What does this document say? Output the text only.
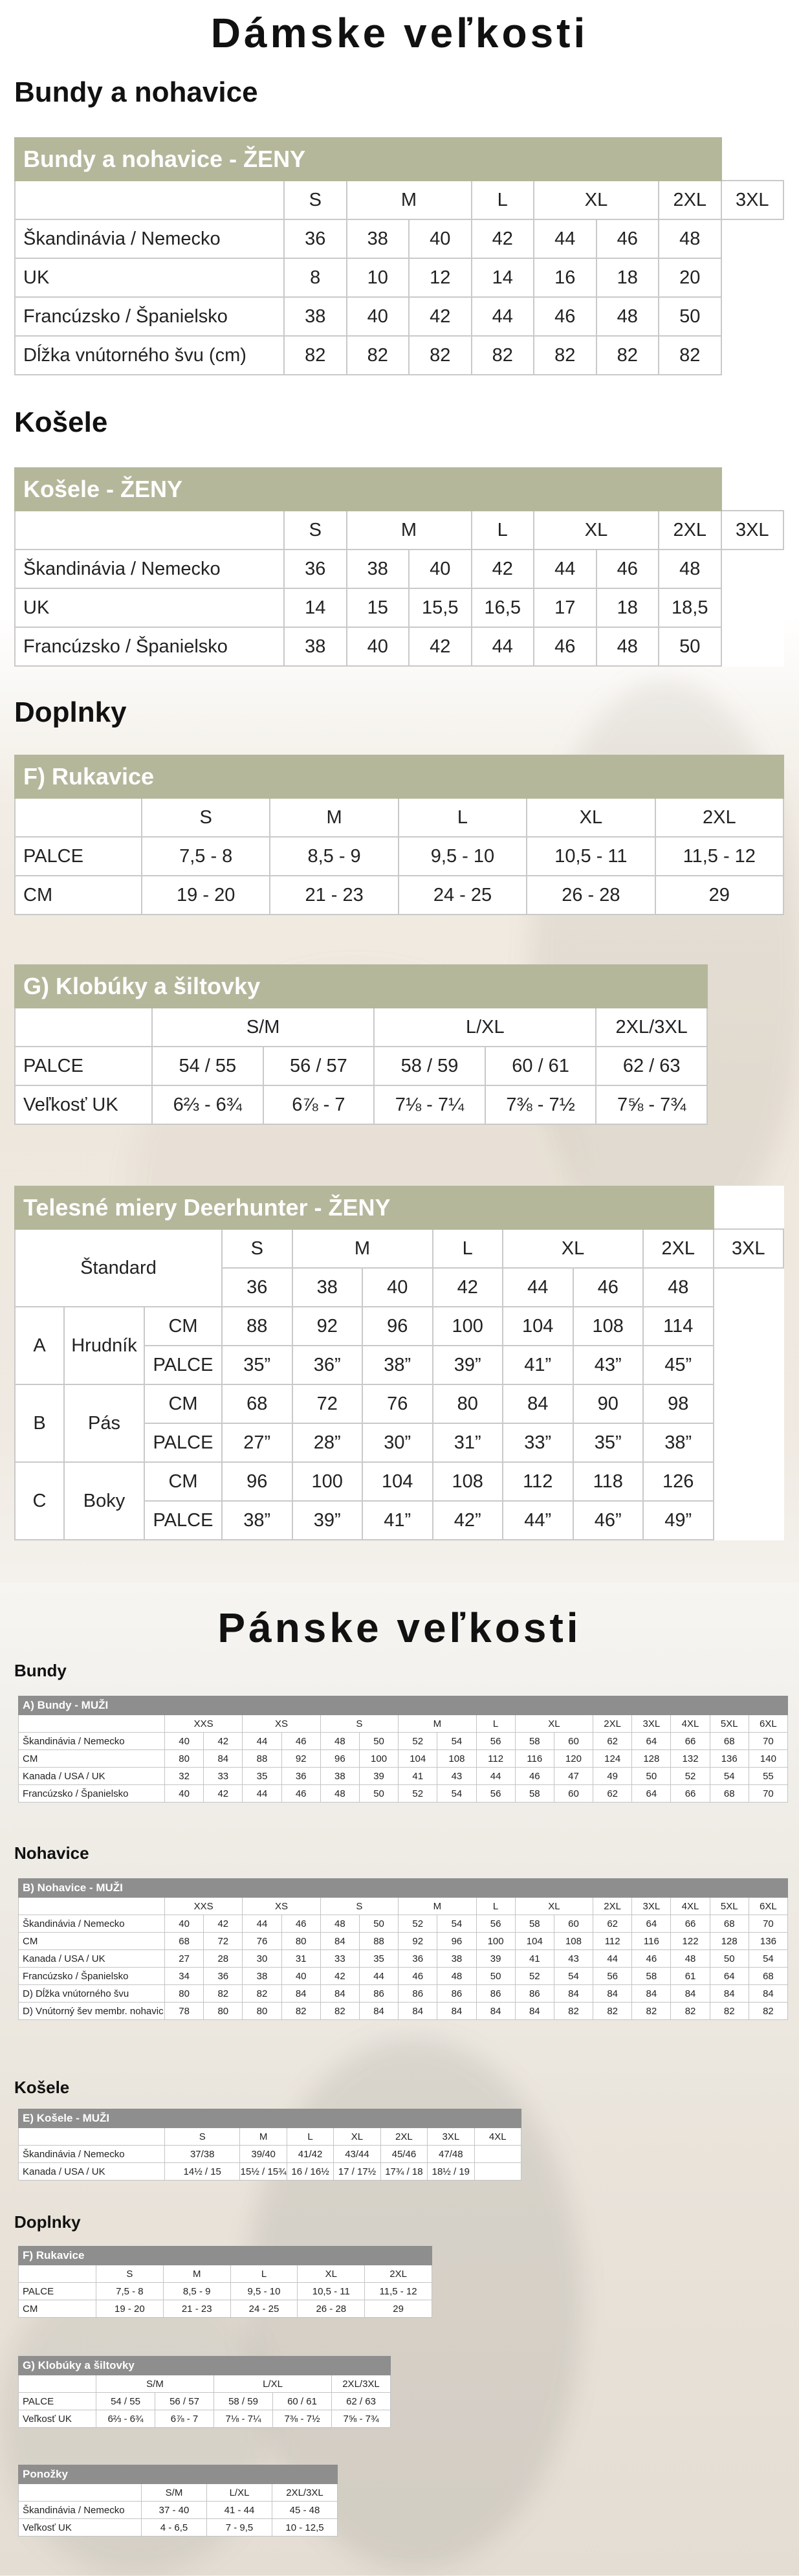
Dámske veľkosti
Bundy a nohavice
Bundy a nohavice - ŽENY								
	S	M		L	XL		2XL	3XL
Škandinávia / Nemecko	36	38	40	42	44	46	48	
UK	8	10	12	14	16	18	20	
Francúzsko / Španielsko	38	40	42	44	46	48	50	
Dĺžka vnútorného švu (cm)	82	82	82	82	82	82	82	
Košele
Košele - ŽENY								
	S	M		L	XL		2XL	3XL
Škandinávia / Nemecko	36	38	40	42	44	46	48	
UK	14	15	15,5	16,5	17	18	18,5	
Francúzsko / Španielsko	38	40	42	44	46	48	50	
Doplnky
F) Rukavice					
	S	M	L	XL	2XL
PALCE	7,5 - 8	8,5 - 9	9,5 - 10	10,5 - 11	11,5 - 12
CM	19 - 20	21 - 23	24 - 25	26 - 28	29
G) Klobúky a šiltovky					
	S/M		L/XL		2XL/3XL
PALCE	54 / 55	56 / 57	58 / 59	60 / 61	62 / 63
Veľkosť UK	6⅔ - 6¾	6⅞ - 7	7⅛ - 7¼	7⅜ - 7½	7⅝ - 7¾
Telesné miery Deerhunter - ŽENY										
Štandard			S	M		L	XL		2XL	3XL
			36	38	40	42	44	46	48	
A	Hrudník	CM	88	92	96	100	104	108	114	
		PALCE	35”	36”	38”	39”	41”	43”	45”	
B	Pás	CM	68	72	76	80	84	90	98	
		PALCE	27”	28”	30”	31”	33”	35”	38”	
C	Boky	CM	96	100	104	108	112	118	126	
		PALCE	38”	39”	41”	42”	44”	46”	49”	
Pánske veľkosti
Bundy
A) Bundy - MUŽI																
	XXS		XS		S		M		L	XL		2XL	3XL	4XL	5XL	6XL
Škandinávia / Nemecko	40	42	44	46	48	50	52	54	56	58	60	62	64	66	68	70
CM	80	84	88	92	96	100	104	108	112	116	120	124	128	132	136	140
Kanada / USA / UK	32	33	35	36	38	39	41	43	44	46	47	49	50	52	54	55
Francúzsko / Španielsko	40	42	44	46	48	50	52	54	56	58	60	62	64	66	68	70
Nohavice
B) Nohavice - MUŽI																
	XXS		XS		S		M		L	XL		2XL	3XL	4XL	5XL	6XL
Škandinávia / Nemecko	40	42	44	46	48	50	52	54	56	58	60	62	64	66	68	70
CM	68	72	76	80	84	88	92	96	100	104	108	112	116	122	128	136
Kanada / USA / UK	27	28	30	31	33	35	36	38	39	41	43	44	46	48	50	54
Francúzsko / Španielsko	34	36	38	40	42	44	46	48	50	52	54	56	58	61	64	68
D) Dĺžka vnútorného švu	80	82	82	84	84	86	86	86	86	86	84	84	84	84	84	84
D) Vnútorný šev membr. nohavic	78	80	80	82	82	84	84	84	84	84	82	82	82	82	82	82
Košele
E) Košele - MUŽI							
	S	M	L	XL	2XL	3XL	4XL
Škandinávia / Nemecko	37/38	39/40	41/42	43/44	45/46	47/48	
Kanada / USA / UK	14½ / 15	15½ / 15¾	16 / 16½	17 / 17½	17¾ / 18	18½ / 19	
Doplnky
F) Rukavice					
	S	M	L	XL	2XL
PALCE	7,5 - 8	8,5 - 9	9,5 - 10	10,5 - 11	11,5 - 12
CM	19 - 20	21 - 23	24 - 25	26 - 28	29
G) Klobúky a šiltovky					
	S/M		L/XL		2XL/3XL
PALCE	54 / 55	56 / 57	58 / 59	60 / 61	62 / 63
Veľkosť UK	6⅔ - 6¾	6⅞ - 7	7⅛ - 7¼	7⅜ - 7½	7⅝ - 7¾
Ponožky			
	S/M	L/XL	2XL/3XL
Škandinávia / Nemecko	37 - 40	41 - 44	45 - 48
Veľkosť UK	4 - 6,5	7 - 9,5	10 - 12,5
